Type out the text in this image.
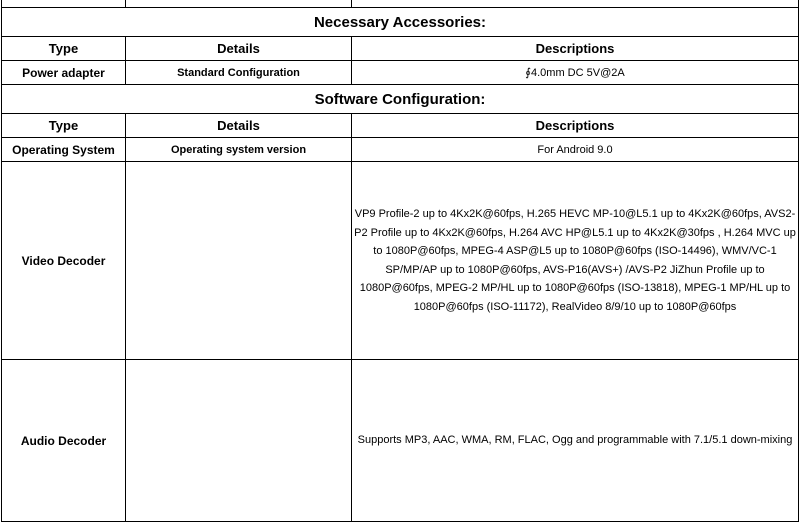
Necessary Accessories:		
Type	Details	Descriptions
Power adapter	Standard Configuration	∮4.0mm DC 5V@2A
Software Configuration:		
Type	Details	Descriptions
Operating System	Operating system version	For Android 9.0
Video Decoder		VP9 Profile-2 up to 4Kx2K@60fps, H.265 HEVC MP-10@L5.1 up to 4Kx2K@60fps, AVS2-P2 Profile up to 4Kx2K@60fps, H.264 AVC HP@L5.1 up to 4Kx2K@30fps , H.264 MVC up to 1080P@60fps, MPEG-4 ASP@L5 up to 1080P@60fps (ISO-14496), WMV/VC-1 SP/MP/AP up to 1080P@60fps, AVS-P16(AVS+) /AVS-P2 JiZhun Profile up to 1080P@60fps, MPEG-2 MP/HL up to 1080P@60fps (ISO-13818), MPEG-1 MP/HL up to 1080P@60fps (ISO-11172), RealVideo 8/9/10 up to 1080P@60fps
Audio Decoder		Supports MP3, AAC, WMA, RM, FLAC, Ogg and programmable with 7.1/5.1 down-mixing
